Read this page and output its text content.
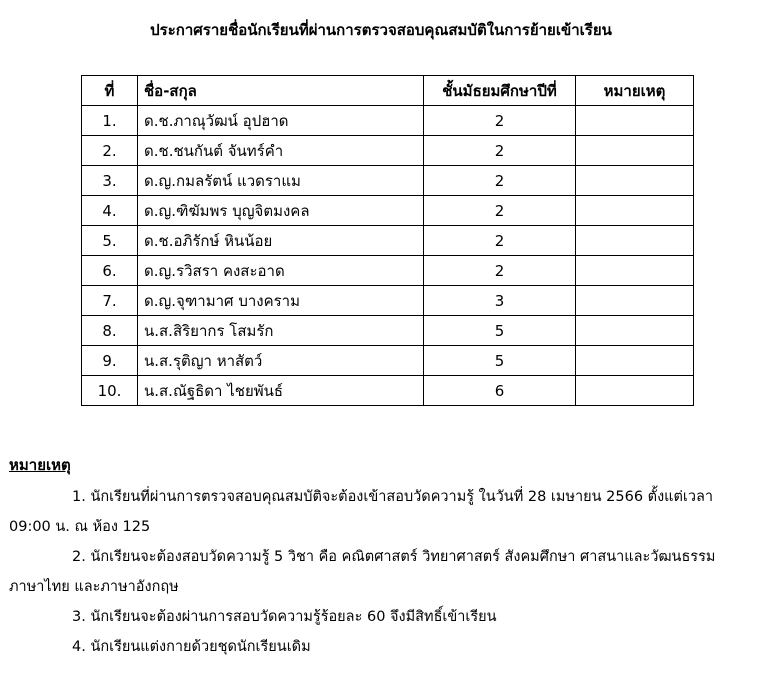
ประกาศรายชื่อนักเรียนที่ผ่านการตรวจสอบคุณสมบัติในการย้ายเข้าเรียน
ที่	ชื่อ-สกุล	ชั้นมัธยมศึกษาปีที่	หมายเหตุ
1.	ด.ช.ภาณุวัฒน์ อุปฮาด	2	
2.	ด.ช.ชนกันต์ จันทร์คำ	2	
3.	ด.ญ.กมลรัตน์ แวดราแม	2	
4.	ด.ญ.ฑิฆัมพร บุญจิตมงคล	2	
5.	ด.ช.อภิรักษ์ หินน้อย	2	
6.	ด.ญ.รวิสรา คงสะอาด	2	
7.	ด.ญ.จุฑามาศ บางคราม	3	
8.	น.ส.สิริยากร โสมรัก	5	
9.	น.ส.รุติญา หาสัตว์	5	
10.	น.ส.ณัฐธิดา ไชยพันธ์	6	
หมายเหตุ

1. นักเรียนที่ผ่านการตรวจสอบคุณสมบัติจะต้องเข้าสอบวัดความรู้ ในวันที่ 28 เมษายน 2566 ตั้งแต่เวลา 09:00 น. ณ ห้อง 125

2. นักเรียนจะต้องสอบวัดความรู้ 5 วิชา คือ คณิตศาสตร์ วิทยาศาสตร์ สังคมศึกษา ศาสนาและวัฒนธรรม ภาษาไทย และภาษาอังกฤษ

3. นักเรียนจะต้องผ่านการสอบวัดความรู้ร้อยละ 60 จึงมีสิทธิ์เข้าเรียน

4. นักเรียนแต่งกายด้วยชุดนักเรียนเดิม
